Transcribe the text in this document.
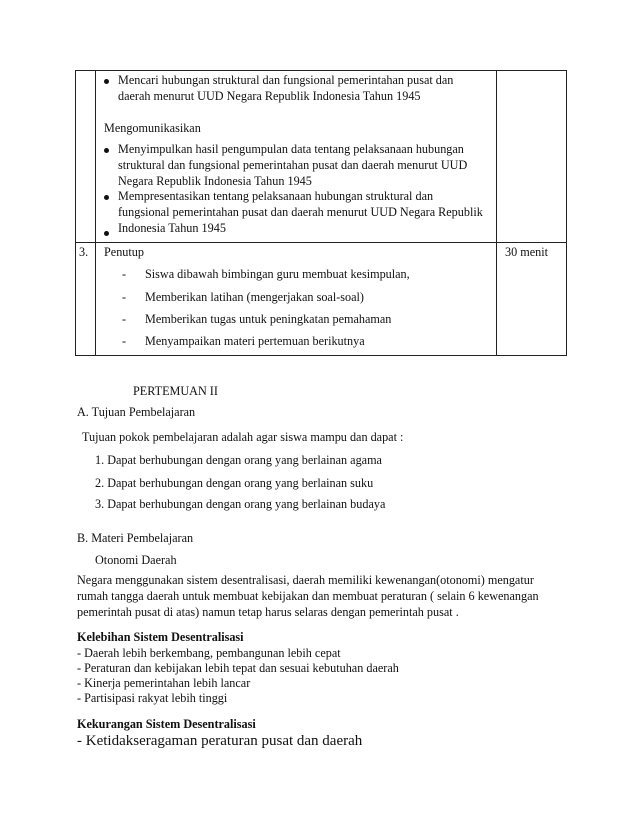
Mencari hubungan struktural dan fungsional pemerintahan pusat dan
daerah menurut UUD Negara Republik Indonesia Tahun 1945
Mengomunikasikan
Menyimpulkan hasil pengumpulan data tentang pelaksanaan hubungan
struktural dan fungsional pemerintahan pusat dan daerah menurut UUD
Negara Republik Indonesia Tahun 1945
Mempresentasikan tentang pelaksanaan hubungan struktural dan
fungsional pemerintahan pusat dan daerah menurut UUD Negara Republik
Indonesia Tahun 1945
3. Penutup	30 menit
- Siswa dibawah bimbingan guru membuat kesimpulan,
- Memberikan latihan (mengerjakan soal-soal)
- Memberikan tugas untuk peningkatan pemahaman
- Menyampaikan materi pertemuan berikutnya
PERTEMUAN II
A. Tujuan Pembelajaran
Tujuan pokok pembelajaran adalah agar siswa mampu dan dapat :
1. Dapat berhubungan dengan orang yang berlainan agama
2. Dapat berhubungan dengan orang yang berlainan suku
3. Dapat berhubungan dengan orang yang berlainan budaya
B. Materi Pembelajaran
Otonomi Daerah
Negara menggunakan sistem desentralisasi, daerah memiliki kewenangan(otonomi) mengatur
rumah tangga daerah untuk membuat kebijakan dan membuat peraturan ( selain 6 kewenangan
pemerintah pusat di atas) namun tetap harus selaras dengan pemerintah pusat .
Kelebihan Sistem Desentralisasi
- Daerah lebih berkembang, pembangunan lebih cepat
- Peraturan dan kebijakan lebih tepat dan sesuai kebutuhan daerah
- Kinerja pemerintahan lebih lancar
- Partisipasi rakyat lebih tinggi
Kekurangan Sistem Desentralisasi
- Ketidakseragaman peraturan pusat dan daerah
